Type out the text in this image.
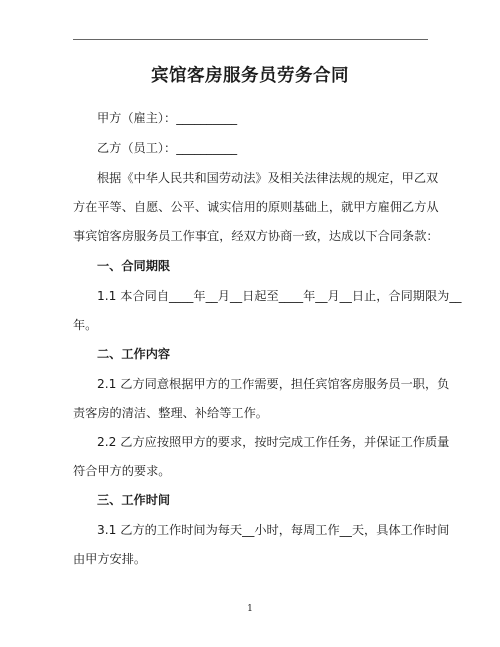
宾馆客房服务员劳务合同
甲方（雇主）：__________
乙方（员工）：__________
根据《中华人民共和国劳动法》及相关法律法规的规定，甲乙双
方在平等、自愿、公平、诚实信用的原则基础上，就甲方雇佣乙方从
事宾馆客房服务员工作事宜，经双方协商一致，达成以下合同条款：
一、合同期限
1.1 本合同自____年__月__日起至____年__月__日止，合同期限为__
年。
二、工作内容
2.1 乙方同意根据甲方的工作需要，担任宾馆客房服务员一职，负
责客房的清洁、整理、补给等工作。
2.2 乙方应按照甲方的要求，按时完成工作任务，并保证工作质量
符合甲方的要求。
三、工作时间
3.1 乙方的工作时间为每天__小时，每周工作__天，具体工作时间
由甲方安排。
1
